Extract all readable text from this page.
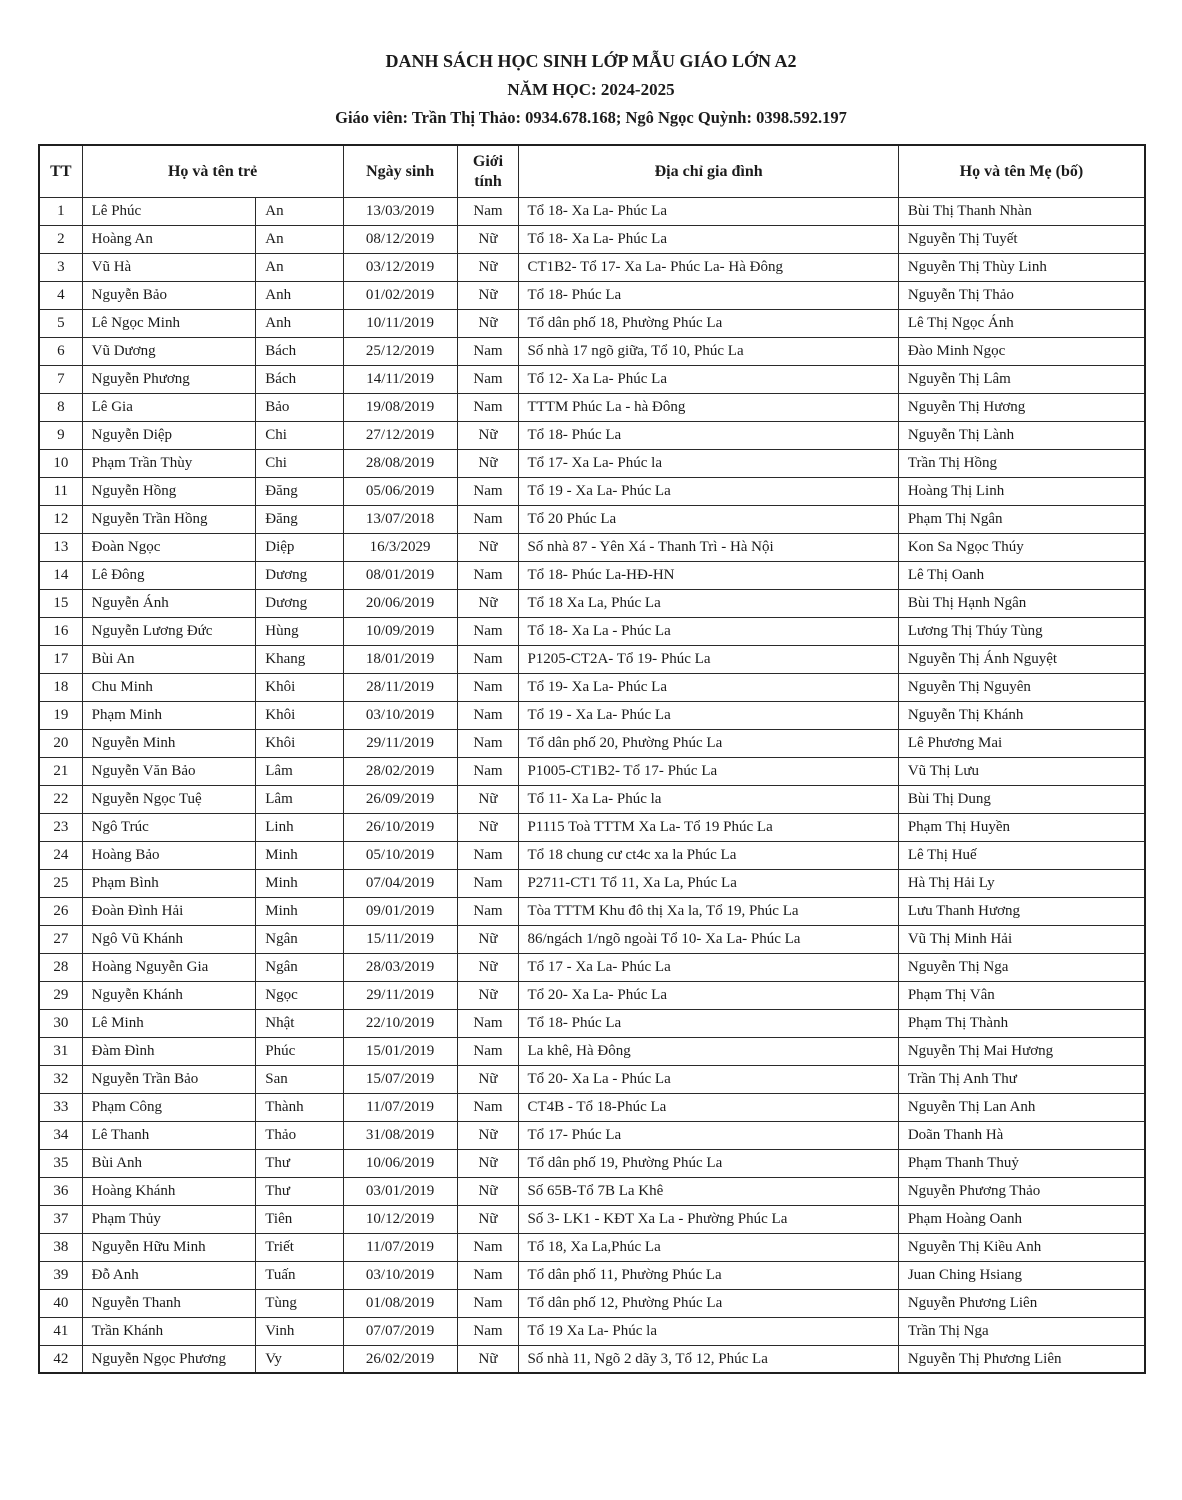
DANH SÁCH HỌC SINH LỚP MẪU GIÁO LỚN A2
NĂM HỌC: 2024-2025
Giáo viên: Trần Thị Thảo: 0934.678.168; Ngô Ngọc Quỳnh: 0398.592.197
TT	Họ và tên trẻ		Ngày sinh	Giới tính	Địa chỉ gia đình	Họ và tên Mẹ (bố)
1	Lê Phúc	An	13/03/2019	Nam	Tổ 18- Xa La- Phúc La	Bùi Thị Thanh Nhàn
2	Hoàng An	An	08/12/2019	Nữ	Tổ 18- Xa La- Phúc La	Nguyễn Thị Tuyết
3	Vũ Hà	An	03/12/2019	Nữ	CT1B2- Tổ 17- Xa La- Phúc La- Hà Đông	Nguyễn Thị Thùy Linh
4	Nguyễn Bảo	Anh	01/02/2019	Nữ	Tổ 18- Phúc La	Nguyễn Thị Thảo
5	Lê Ngọc Minh	Anh	10/11/2019	Nữ	Tổ dân phố 18, Phường Phúc La	Lê Thị Ngọc Ánh
6	Vũ Dương	Bách	25/12/2019	Nam	Số nhà 17 ngõ giữa, Tổ 10, Phúc La	Đào Minh Ngọc
7	Nguyễn Phương	Bách	14/11/2019	Nam	Tổ 12- Xa La- Phúc La	Nguyễn Thị Lâm
8	Lê Gia	Bảo	19/08/2019	Nam	TTTM Phúc La - hà Đông	Nguyễn Thị Hương
9	Nguyễn Diệp	Chi	27/12/2019	Nữ	Tổ 18- Phúc La	Nguyễn Thị Lành
10	Phạm Trần Thùy	Chi	28/08/2019	Nữ	Tổ 17- Xa La- Phúc la	Trần Thị Hồng
11	Nguyễn Hồng	Đăng	05/06/2019	Nam	Tổ 19 - Xa La- Phúc La	Hoàng Thị Linh
12	Nguyễn Trần Hồng	Đăng	13/07/2018	Nam	Tổ 20 Phúc La	Phạm Thị Ngân
13	Đoàn Ngọc	Diệp	16/3/2029	Nữ	Số nhà 87 - Yên Xá - Thanh Trì - Hà Nội	Kon Sa Ngọc Thúy
14	Lê Đông	Dương	08/01/2019	Nam	Tổ 18- Phúc La-HĐ-HN	Lê Thị Oanh
15	Nguyễn Ánh	Dương	20/06/2019	Nữ	Tổ 18 Xa La, Phúc La	Bùi Thị Hạnh Ngân
16	Nguyễn Lương Đức	Hùng	10/09/2019	Nam	Tổ 18- Xa La - Phúc La	Lương Thị Thúy Tùng
17	Bùi An	Khang	18/01/2019	Nam	P1205-CT2A- Tổ 19- Phúc La	Nguyễn Thị Ánh Nguyệt
18	Chu Minh	Khôi	28/11/2019	Nam	Tổ 19- Xa La- Phúc La	Nguyễn Thị Nguyên
19	Phạm Minh	Khôi	03/10/2019	Nam	Tổ 19 - Xa La- Phúc La	Nguyễn Thị Khánh
20	Nguyễn Minh	Khôi	29/11/2019	Nam	Tổ dân phố 20, Phường Phúc La	Lê Phương Mai
21	Nguyễn Văn Bảo	Lâm	28/02/2019	Nam	P1005-CT1B2- Tổ 17- Phúc La	Vũ Thị Lưu
22	Nguyễn Ngọc Tuệ	Lâm	26/09/2019	Nữ	Tổ 11- Xa La- Phúc la	Bùi Thị Dung
23	Ngô Trúc	Linh	26/10/2019	Nữ	P1115 Toà TTTM Xa La- Tổ 19 Phúc La	Phạm Thị Huyền
24	Hoàng Bảo	Minh	05/10/2019	Nam	Tổ 18 chung cư ct4c xa la Phúc La	Lê Thị Huế
25	Phạm Bình	Minh	07/04/2019	Nam	P2711-CT1 Tổ 11, Xa La, Phúc La	Hà Thị Hải Ly
26	Đoàn Đình Hải	Minh	09/01/2019	Nam	Tòa TTTM Khu đô thị Xa la, Tổ 19, Phúc La	Lưu Thanh Hương
27	Ngô Vũ Khánh	Ngân	15/11/2019	Nữ	86/ngách 1/ngõ ngoài Tổ 10- Xa La- Phúc La	Vũ Thị Minh Hải
28	Hoàng Nguyễn Gia	Ngân	28/03/2019	Nữ	Tổ 17 - Xa La- Phúc La	Nguyễn Thị Nga
29	Nguyễn Khánh	Ngọc	29/11/2019	Nữ	Tổ 20- Xa La- Phúc La	Phạm Thị Vân
30	Lê Minh	Nhật	22/10/2019	Nam	Tổ 18- Phúc La	Phạm Thị Thành
31	Đàm Đình	Phúc	15/01/2019	Nam	La khê, Hà Đông	Nguyễn Thị Mai Hương
32	Nguyễn Trần Bảo	San	15/07/2019	Nữ	Tổ 20- Xa La - Phúc La	Trần Thị Anh Thư
33	Phạm Công	Thành	11/07/2019	Nam	CT4B - Tổ 18-Phúc La	Nguyễn Thị Lan Anh
34	Lê Thanh	Thảo	31/08/2019	Nữ	Tổ 17- Phúc La	Doãn Thanh Hà
35	Bùi Anh	Thư	10/06/2019	Nữ	Tổ dân phố 19, Phường Phúc La	Phạm Thanh Thuỷ
36	Hoàng Khánh	Thư	03/01/2019	Nữ	Số 65B-Tổ 7B La Khê	Nguyễn Phương Thảo
37	Phạm Thủy	Tiên	10/12/2019	Nữ	Số 3- LK1 - KĐT Xa La - Phường Phúc La	Phạm Hoàng Oanh
38	Nguyễn Hữu Minh	Triết	11/07/2019	Nam	Tổ 18, Xa La,Phúc La	Nguyễn Thị Kiều Anh
39	Đỗ Anh	Tuấn	03/10/2019	Nam	Tổ dân phố 11, Phường Phúc La	Juan Ching Hsiang
40	Nguyễn Thanh	Tùng	01/08/2019	Nam	Tổ dân phố 12, Phường Phúc La	Nguyễn Phương Liên
41	Trần Khánh	Vinh	07/07/2019	Nam	Tổ 19 Xa La- Phúc la	Trần Thị Nga
42	Nguyễn Ngọc Phương	Vy	26/02/2019	Nữ	Số nhà 11, Ngõ 2 dãy 3, Tổ 12, Phúc La	Nguyễn Thị Phương Liên
